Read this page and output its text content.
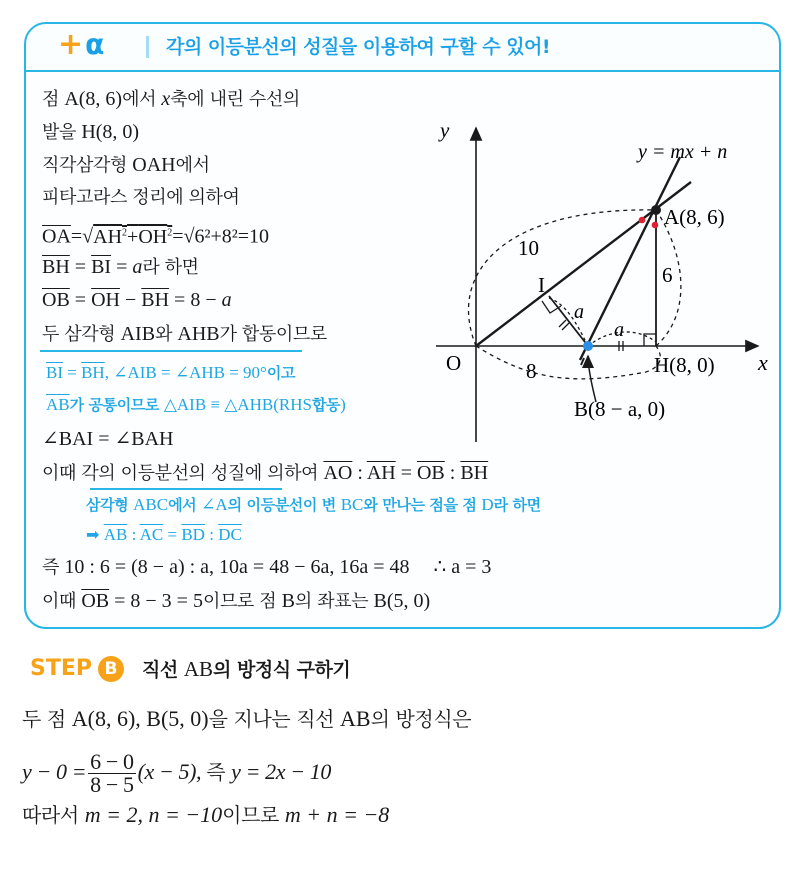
+ α	각의 이등분선의 성질을 이용하여 구할 수 있어!
점 A(8, 6)에서 x축에 내린 수선의
발을 H(8, 0)
직각삼각형 OAH에서
피타고라스 정리에 의하여
$\overline{OA}=√AH^2+OH^2=√6^2+8^2=10$
$\overline{BH} = \overline{BI} = a$라 하면
$\overline{OB} = \overline{OH} - \overline{BH} = 8 - a$
두 삼각형 AIB와 AHB가 합동이므로
$\overline{BI} = \overline{BH}$, ∠AIB = ∠AHB = 90°이고
$\overline{AB}$가 공통이므로 △AIB ≡ △AHB(RHS합동)
∠BAI = ∠BAH
이때 각의 이등분선의 성질에 의하여 $\overline{AO}$ : $\overline{AH} = \overline{OB}$ : $\overline{BH}$
삼각형 ABC에서 ∠A의 이등분선이 변 BC와 만나는 점을 점 D라 하면
➡ $\overline{AB}$ : $\overline{AC} = \overline{BD}$ : $\overline{DC}$
즉 10 : 6 = (8 − a) : a, 10a = 48 − 6a, 16a = 48 ∴ a = 3
이때 $\overline{OB} = 8 - 3 = 5$이므로 점 B의 좌표는 B(5, 0)
y
x
O
y = mx + n
A(8, 6)
H(8, 0)
B(8 − a, 0)
I
10
6
8
a
a
STEP B	직선 AB의 방정식 구하기
두 점 A(8, 6), B(5, 0)을 지나는 직선 AB의 방정식은
$y - 0 = \frac{6 - 0}{8 - 5} (x - 5)$, 즉 y = 2x − 10
따라서 m = 2, n = −10이므로 m + n = −8
